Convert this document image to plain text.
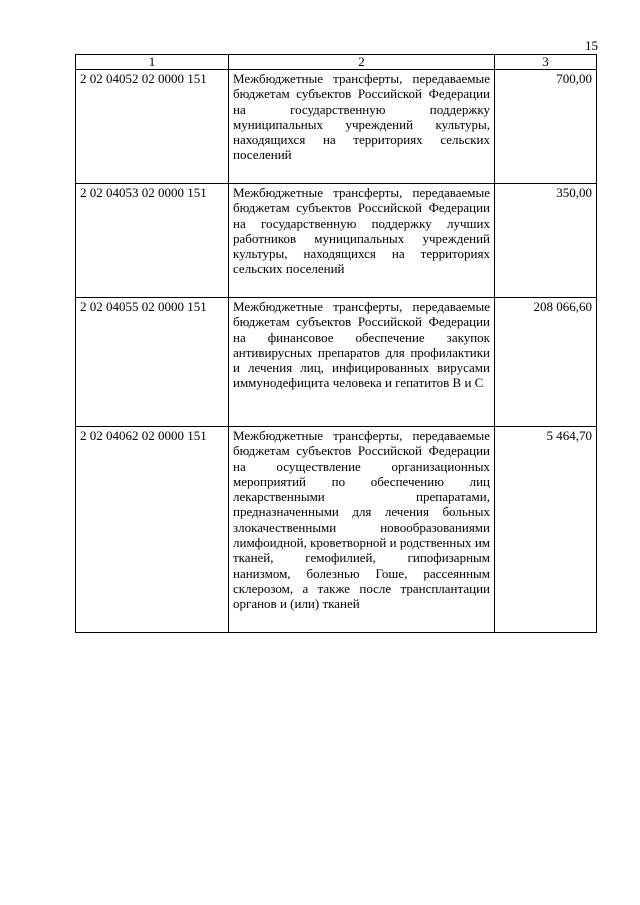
15
1	2	3
2 02 04052 02 0000 151	Межбюджетные трансферты, передаваемые бюджетам субъектов Российской Федерации на государственную поддержку муниципальных учреждений культуры, находящихся на территориях сельских поселений	700,00
2 02 04053 02 0000 151	Межбюджетные трансферты, передаваемые бюджетам субъектов Российской Федерации на государственную поддержку лучших работников муниципальных учреждений культуры, находящихся на территориях сельских поселений	350,00
2 02 04055 02 0000 151	Межбюджетные трансферты, передаваемые бюджетам субъектов Российской Федерации на финансовое обеспечение закупок антивирусных препаратов для профилактики и лечения лиц, инфицированных вирусами иммунодефицита человека и гепатитов В и С	208 066,60
2 02 04062 02 0000 151	Межбюджетные трансферты, передаваемые бюджетам субъектов Российской Федерации на осуществление организационных мероприятий по обеспечению лиц лекарственными препаратами, предназначенными для лечения больных злокачественными новообразованиями лимфоидной, кроветворной и родственных им тканей, гемофилией, гипофизарным нанизмом, болезнью Гоше, рассеянным склерозом, а также после трансплантации органов и (или) тканей	5 464,70
